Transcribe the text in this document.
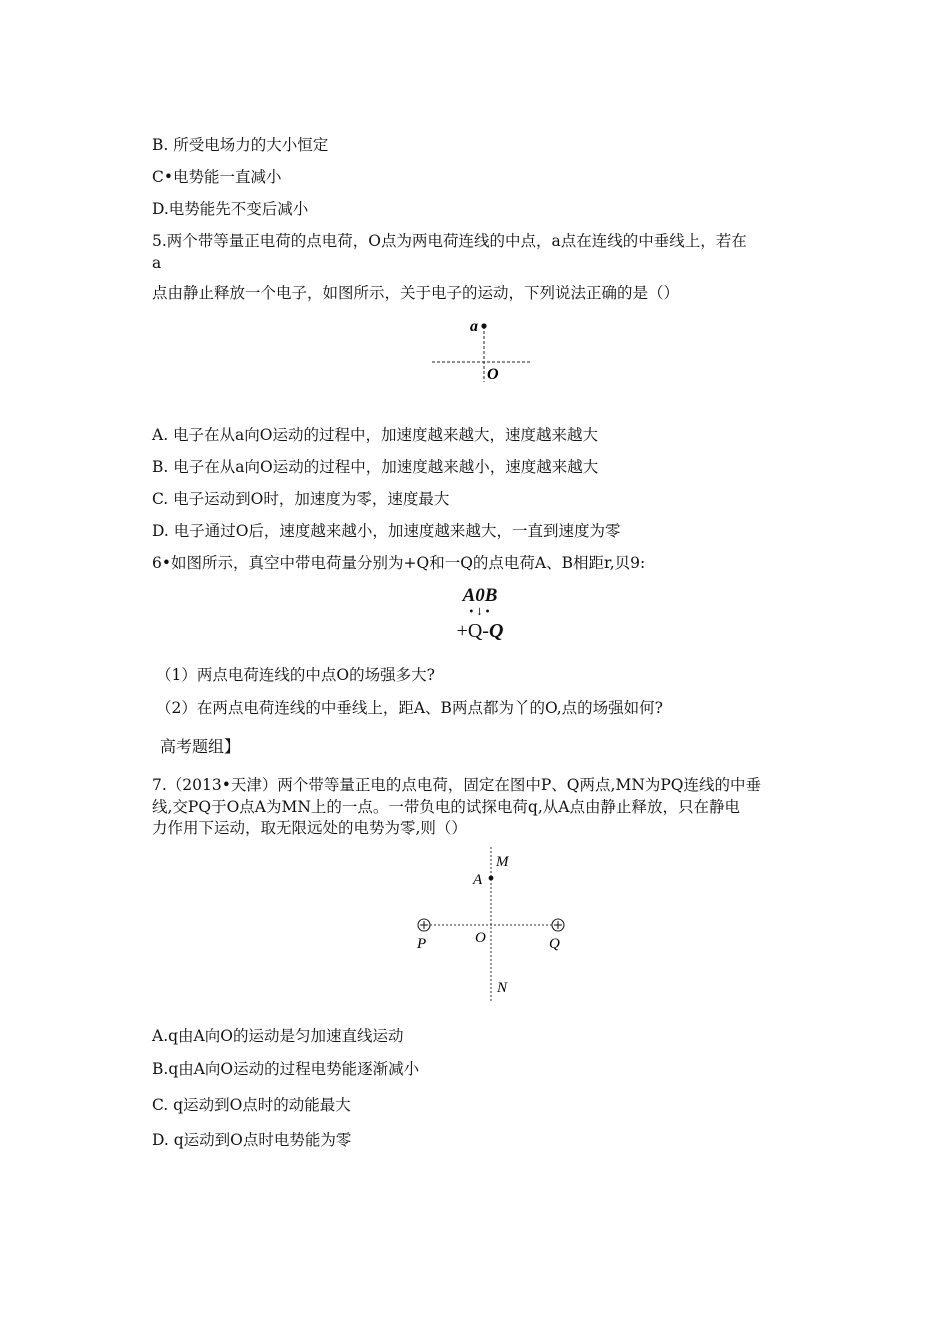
B. 所受电场力的大小恒定
C•电势能一直减小
D.电势能先不变后减小
5.两个带等量正电荷的点电荷，O点为两电荷连线的中点，a点在连线的中垂线上，若在
a
点由静止释放一个电子，如图所示，关于电子的运动，下列说法正确的是（）
a
O
A. 电子在从a向O运动的过程中，加速度越来越大，速度越来越大
B. 电子在从a向O运动的过程中，加速度越来越小，速度越来越大
C. 电子运动到O时，加速度为零，速度最大
D. 电子通过O后，速度越来越小，加速度越来越大，一直到速度为零
6•如图所示，真空中带电荷量分别为+Q和一Q的点电荷A、B相距r,贝9:
A0B
•↓•
+Q-Q
（1）两点电荷连线的中点O的场强多大?
（2）在两点电荷连线的中垂线上，距A、B两点都为丫的O,点的场强如何?
高考题组】
7.（2013•天津）两个带等量正电的点电荷，固定在图中P、Q两点,MN为PQ连线的中垂
线,交PQ于O点A为MN上的一点。一带负电的试探电荷q,从A点由静止释放，只在静电
力作用下运动，取无限远处的电势为零,则（）
M
A
P	O	Q
N
A.q由A向O的运动是匀加速直线运动
B.q由A向O运动的过程电势能逐渐减小
C. q运动到O点时的动能最大
D. q运动到O点时电势能为零
